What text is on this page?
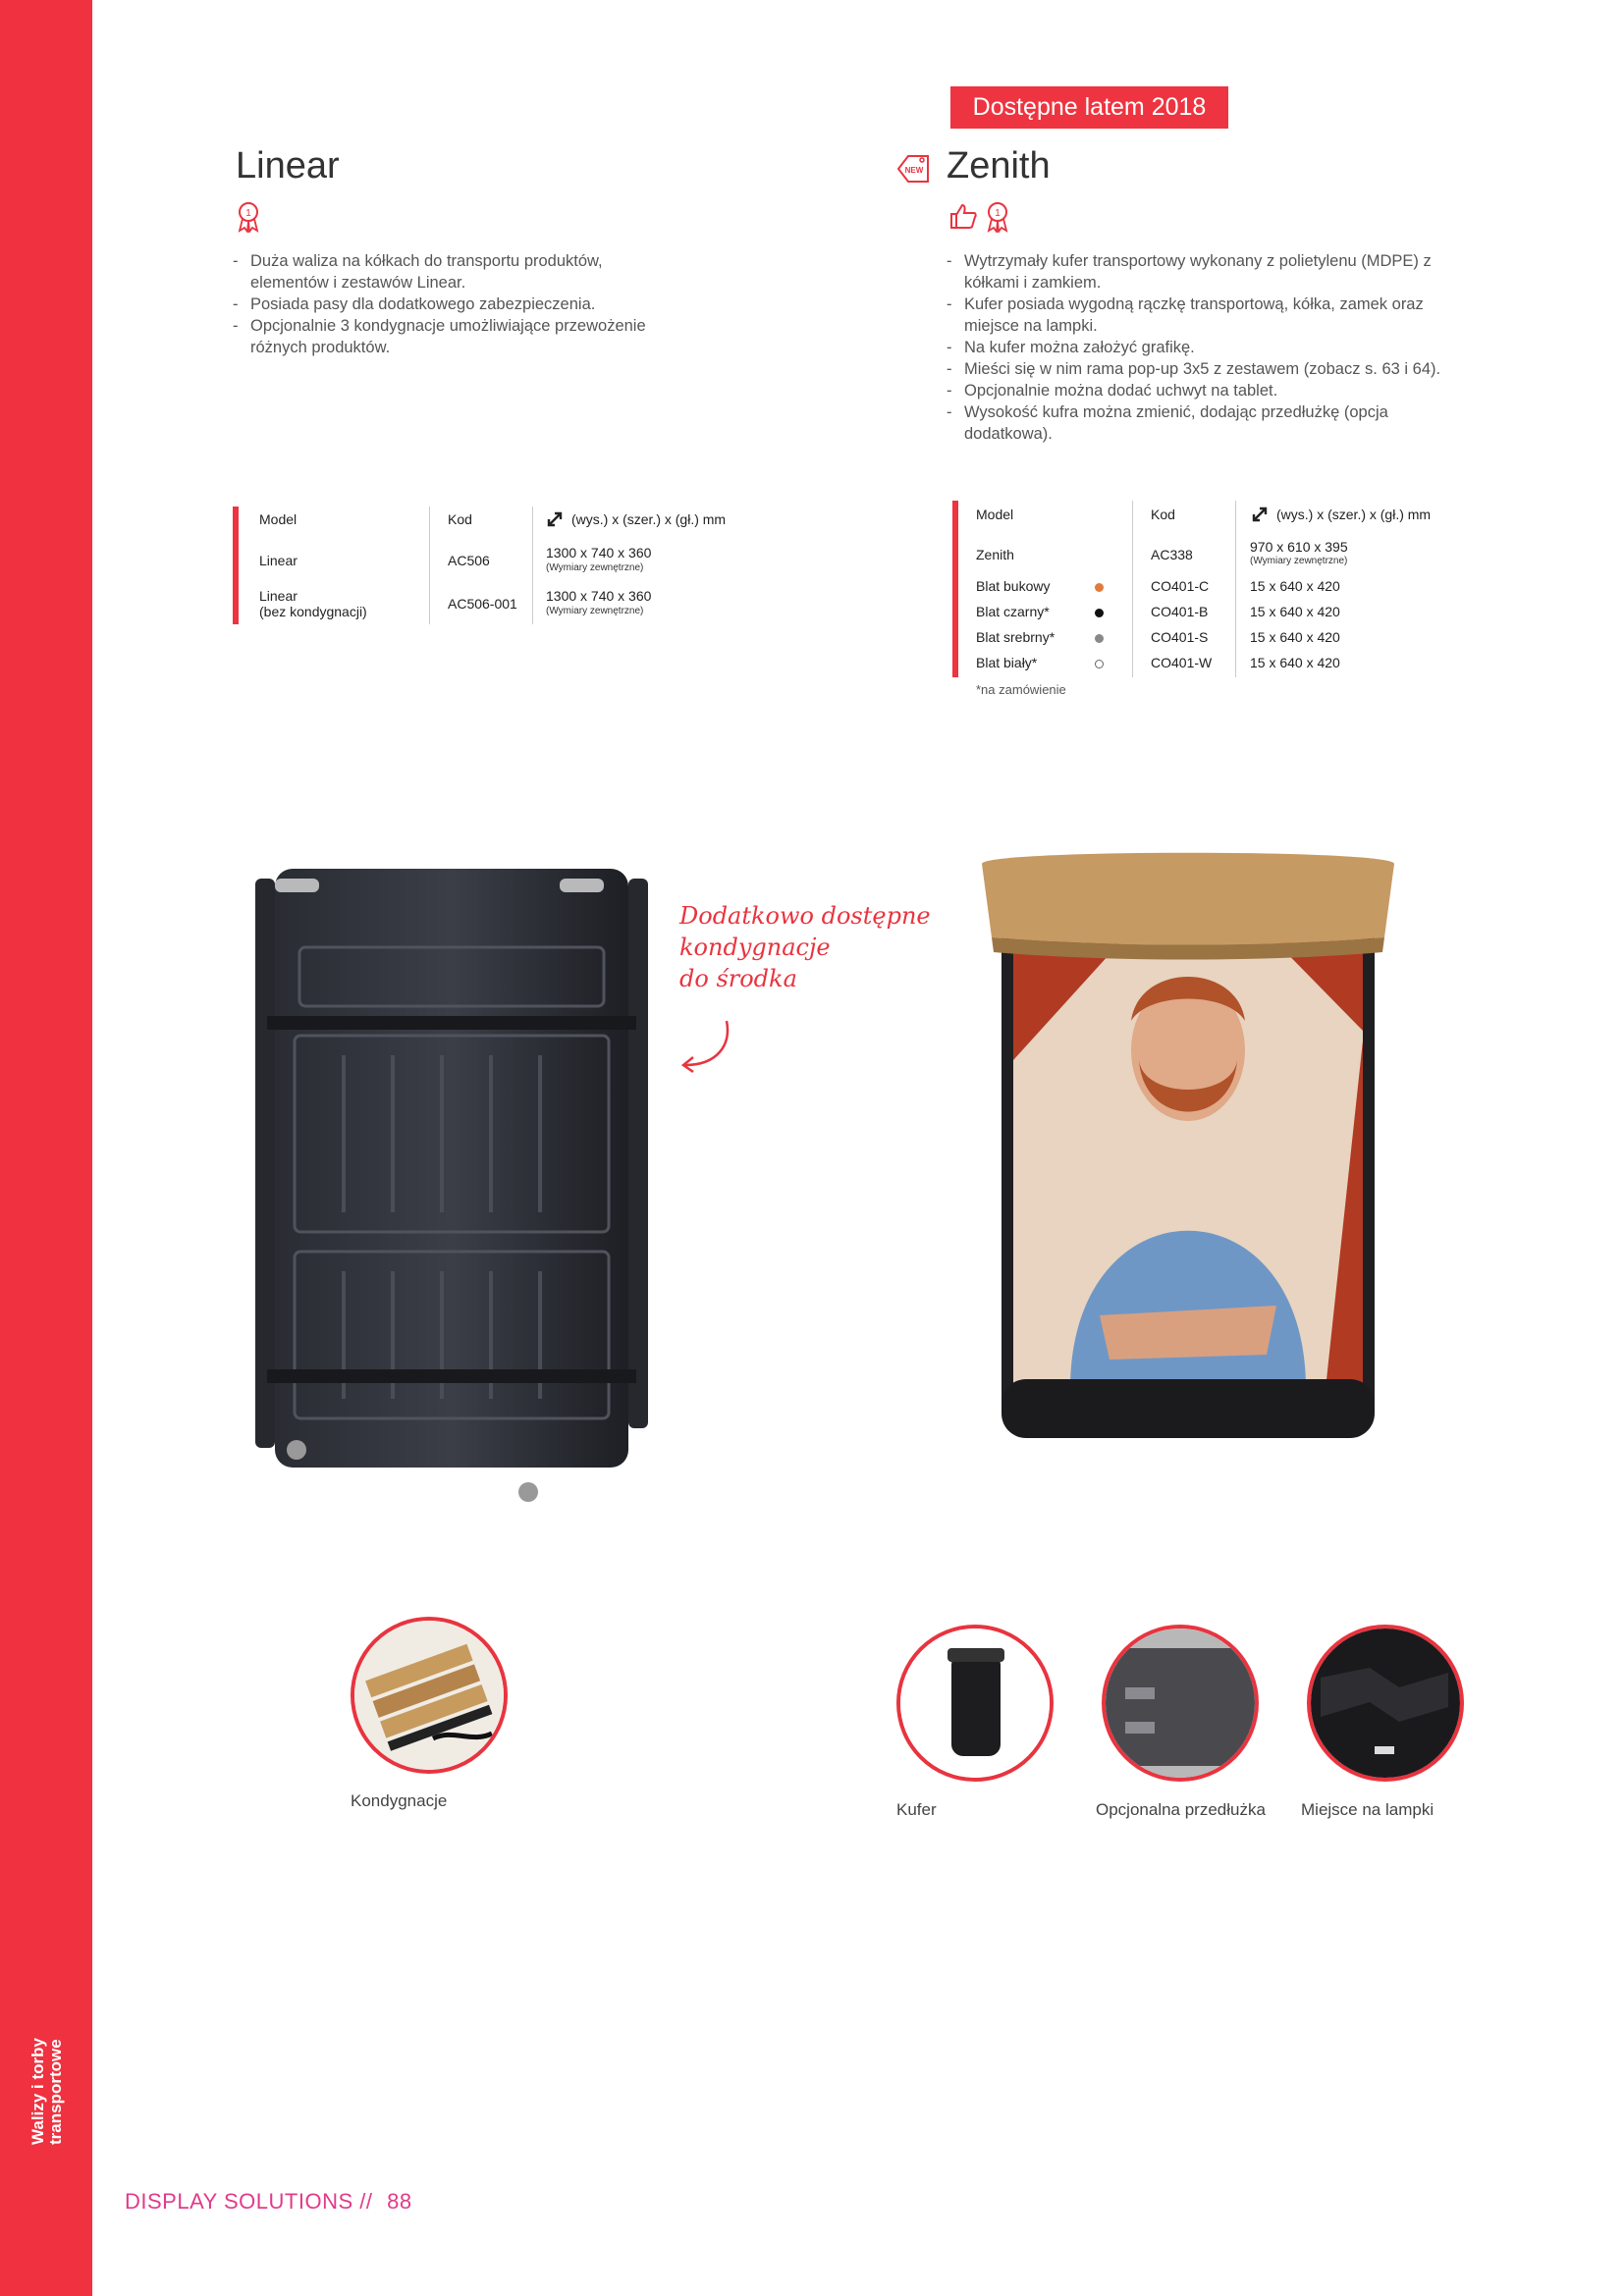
Walizy i torby transportowe
Dostępne latem 2018
Linear
1
- Duża waliza na kółkach do transportu produktów, elementów i zestawów Linear.
- Posiada pasy dla dodatkowego zabezpieczenia.
- Opcjonalnie 3 kondygnacje umożliwiające przewożenie różnych produktów.
Model	Kod	(wys.) x (szer.) x (gł.) mm
Linear	AC506	1300 x 740 x 360
(Wymiary zewnętrzne)
Linear
(bez kondygnacji)	AC506-001 1300 x 740 x 360
(Wymiary zewnętrzne)
Dodatkowo dostępne
kondygnacje
do środka
Kondygnacje
NEW Zenith
1
- Wytrzymały kufer transportowy wykonany z polietylenu (MDPE) z kółkami i zamkiem.
- Kufer posiada wygodną rączkę transportową, kółka, zamek oraz miejsce na lampki.
- Na kufer można założyć grafikę.
- Mieści się w nim rama pop-up 3x5 z zestawem (zobacz s. 63 i 64).
- Opcjonalnie można dodać uchwyt na tablet.
- Wysokość kufra można zmienić, dodając przedłużkę (opcja dodatkowa).
Model	Kod	(wys.) x (szer.) x (gł.) mm
Zenith	AC338	970 x 610 x 395
(Wymiary zewnętrzne)
Blat bukowy	CO401-C	15 x 640 x 420
Blat czarny*	CO401-B	15 x 640 x 420
Blat srebrny*	CO401-S	15 x 640 x 420
Blat biały*	CO401-W	15 x 640 x 420
*na zamówienie
Kufer	Opcjonalna przedłużka Miejsce na lampki
DISPLAY SOLUTIONS // 88
